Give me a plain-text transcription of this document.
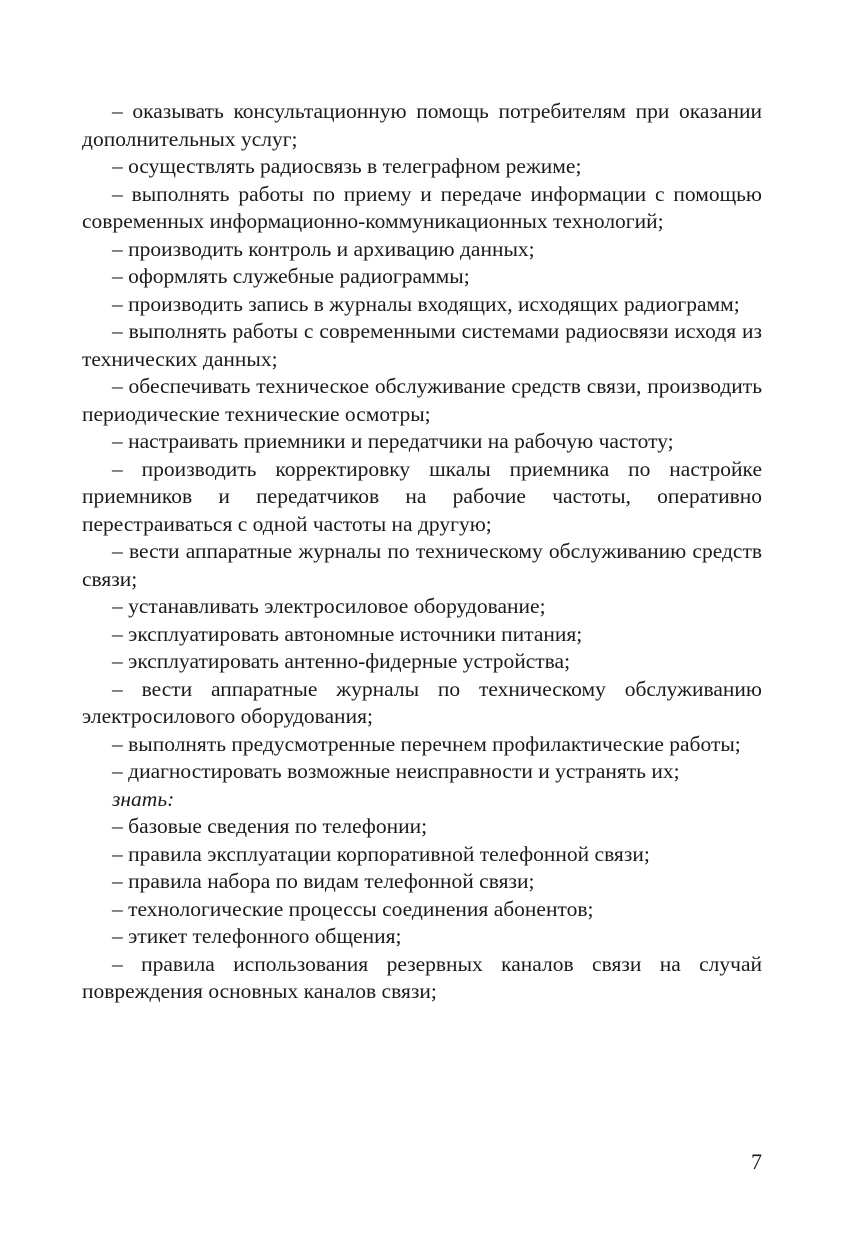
– оказывать консультационную помощь потребителям при оказании дополнительных услуг;

– осуществлять радиосвязь в телеграфном режиме;

– выполнять работы по приему и передаче информации с помощью современных информационно-коммуникационных технологий;

– производить контроль и архивацию данных;

– оформлять служебные радиограммы;

– производить запись в журналы входящих, исходящих радиограмм;

– выполнять работы с современными системами радиосвязи исходя из технических данных;

– обеспечивать техническое обслуживание средств связи, производить периодические технические осмотры;

– настраивать приемники и передатчики на рабочую частоту;

– производить корректировку шкалы приемника по настройке приемников и передатчиков на рабочие частоты, оперативно перестраиваться с одной частоты на другую;

– вести аппаратные журналы по техническому обслуживанию средств связи;

– устанавливать электросиловое оборудование;

– эксплуатировать автономные источники питания;

– эксплуатировать антенно-фидерные устройства;

– вести аппаратные журналы по техническому обслуживанию электросилового оборудования;

– выполнять предусмотренные перечнем профилактические работы;

– диагностировать возможные неисправности и устранять их;

знать:

– базовые сведения по телефонии;

– правила эксплуатации корпоративной телефонной связи;

– правила набора по видам телефонной связи;

– технологические процессы соединения абонентов;

– этикет телефонного общения;

– правила использования резервных каналов связи на случай повреждения основных каналов связи;

7
